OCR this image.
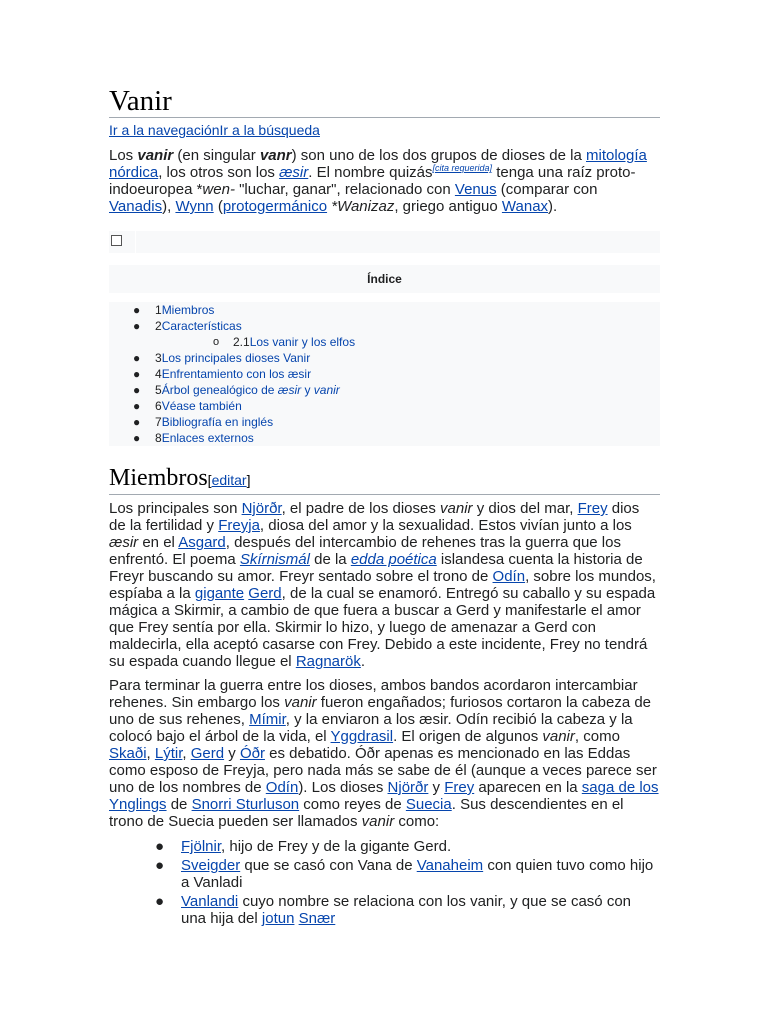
Vanir
Ir a la navegaciónIr a la búsqueda

Los vanir (en singular vanr) son uno de los dos grupos de dioses de la mitología nórdica, los otros son los æsir. El nombre quizás[cita requerida] tenga una raíz proto-indoeuropea *wen- "luchar, ganar", relacionado con Venus (comparar con Vanadis), Wynn (protogermánico *Wanizaz, griego antiguo Wanax).

Índice
● 1Miembros
● 2Características
o 2.1Los vanir y los elfos
● 3Los principales dioses Vanir
● 4Enfrentamiento con los æsir
● 5Árbol genealógico de æsir y vanir
● 6Véase también
● 7Bibliografía en inglés
● 8Enlaces externos
Miembros[editar]

Los principales son Njörðr, el padre de los dioses vanir y dios del mar, Frey dios de la fertilidad y Freyja, diosa del amor y la sexualidad. Estos vivían junto a los æsir en el Asgard, después del intercambio de rehenes tras la guerra que los enfrentó. El poema Skírnismál de la edda poética islandesa cuenta la historia de Freyr buscando su amor. Freyr sentado sobre el trono de Odín, sobre los mundos, espíaba a la gigante Gerd, de la cual se enamoró. Entregó su caballo y su espada mágica a Skirmir, a cambio de que fuera a buscar a Gerd y manifestarle el amor que Frey sentía por ella. Skirmir lo hizo, y luego de amenazar a Gerd con maldecirla, ella aceptó casarse con Frey. Debido a este incidente, Frey no tendrá su espada cuando llegue el Ragnarök.

Para terminar la guerra entre los dioses, ambos bandos acordaron intercambiar rehenes. Sin embargo los vanir fueron engañados; furiosos cortaron la cabeza de uno de sus rehenes, Mímir, y la enviaron a los æsir. Odín recibió la cabeza y la colocó bajo el árbol de la vida, el Yggdrasil. El origen de algunos vanir, como Skaði, Lýtir, Gerd y Óðr es debatido. Óðr apenas es mencionado en las Eddas como esposo de Freyja, pero nada más se sabe de él (aunque a veces parece ser uno de los nombres de Odín). Los dioses Njörðr y Frey aparecen en la saga de los Ynglings de Snorri Sturluson como reyes de Suecia. Sus descendientes en el trono de Suecia pueden ser llamados vanir como:

● Fjölnir, hijo de Frey y de la gigante Gerd.
● Sveigder que se casó con Vana de Vanaheim con quien tuvo como hijo a Vanladi
● Vanlandi cuyo nombre se relaciona con los vanir, y que se casó con una hija del jotun Snær
